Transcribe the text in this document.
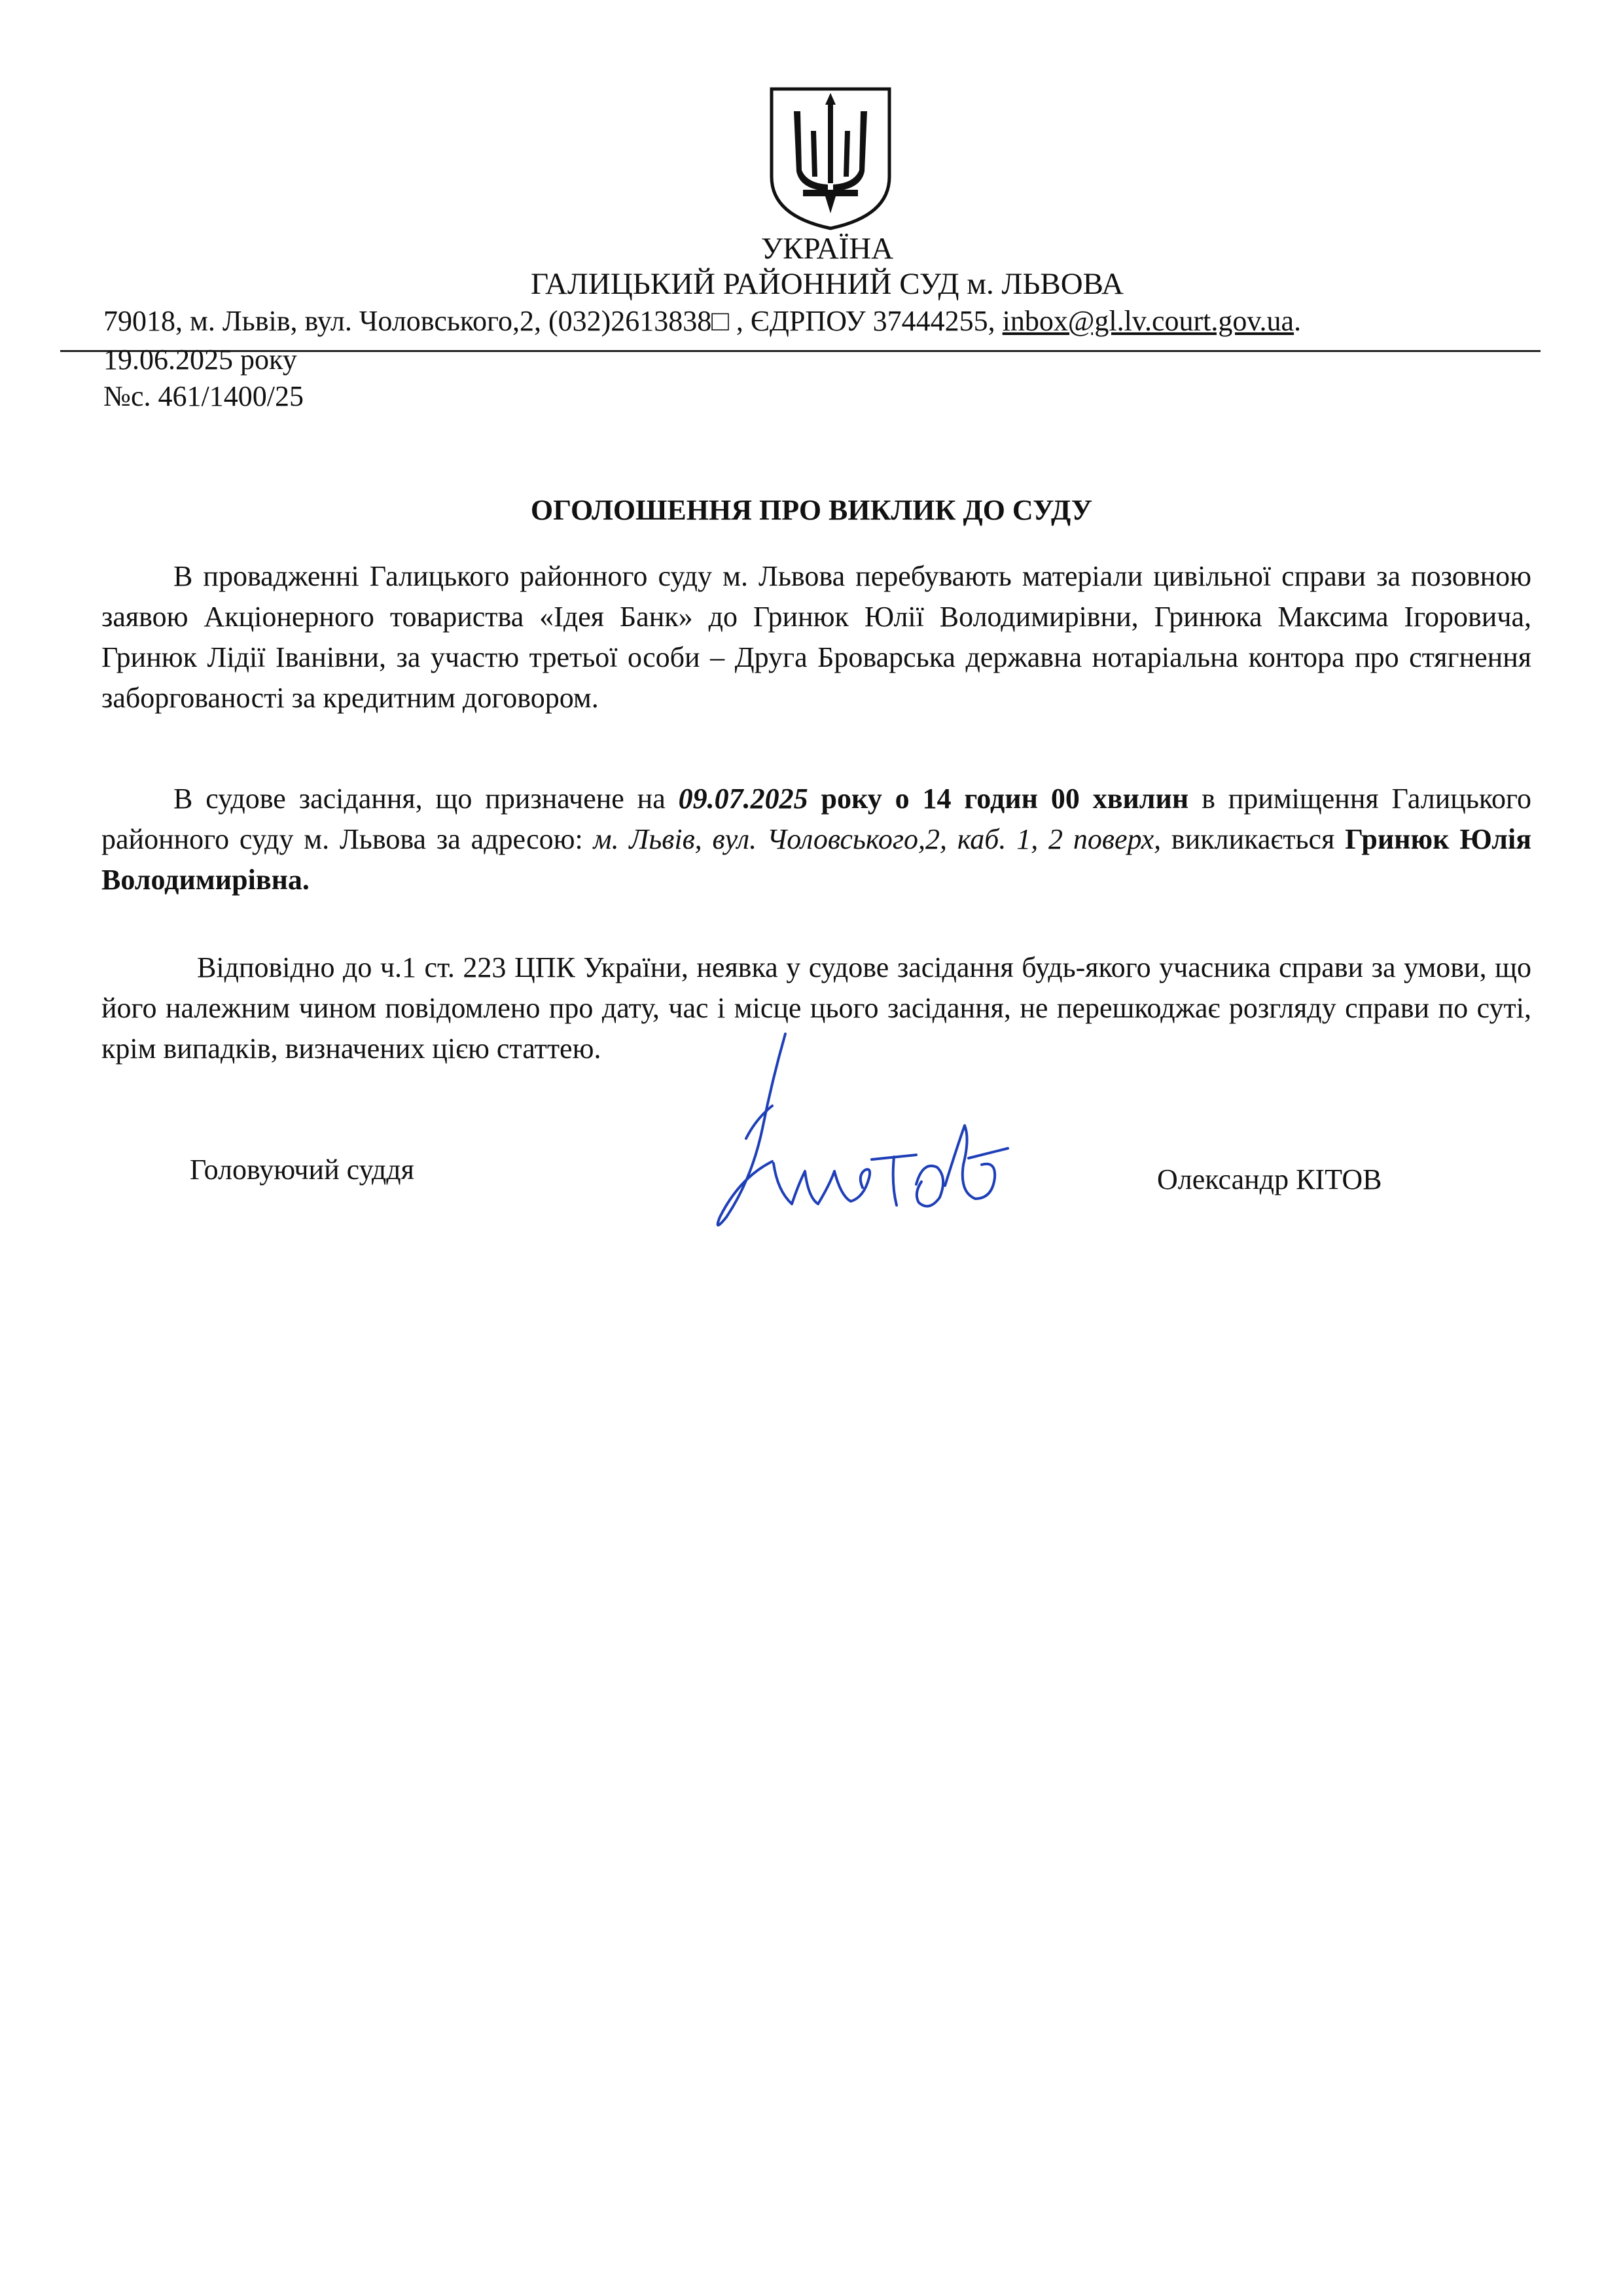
УКРАЇНА
ГАЛИЦЬКИЙ РАЙОННИЙ СУД м. ЛЬВОВА
79018, м. Львів, вул. Чоловського,2, (032)2613838□ , ЄДРПОУ 37444255, inbox@gl.lv.court.gov.ua.
19.06.2025 року
№с. 461/1400/25
ОГОЛОШЕННЯ ПРО ВИКЛИК ДО СУДУ
В провадженні Галицького районного суду м. Львова перебувають матеріали цивільної справи за позовною заявою Акціонерного товариства «Ідея Банк» до Гринюк Юлії Володимирівни, Гринюка Максима Ігоровича, Гринюк Лідії Іванівни, за участю третьої особи – Друга Броварська державна нотаріальна контора про стягнення заборгованості за кредитним договором.
В судове засідання, що призначене на 09.07.2025 року о 14 годин 00 хвилин в приміщення Галицького районного суду м. Львова за адресою: м. Львів, вул. Чоловського,2, каб. 1, 2 поверх, викликається Гринюк Юлія Володимирівна.
Відповідно до ч.1 ст. 223 ЦПК України, неявка у судове засідання будь-якого учасника справи за умови, що його належним чином повідомлено про дату, час і місце цього засідання, не перешкоджає розгляду справи по суті, крім випадків, визначених цією статтею.
Головуючий суддя	Олександр КІТОВ
